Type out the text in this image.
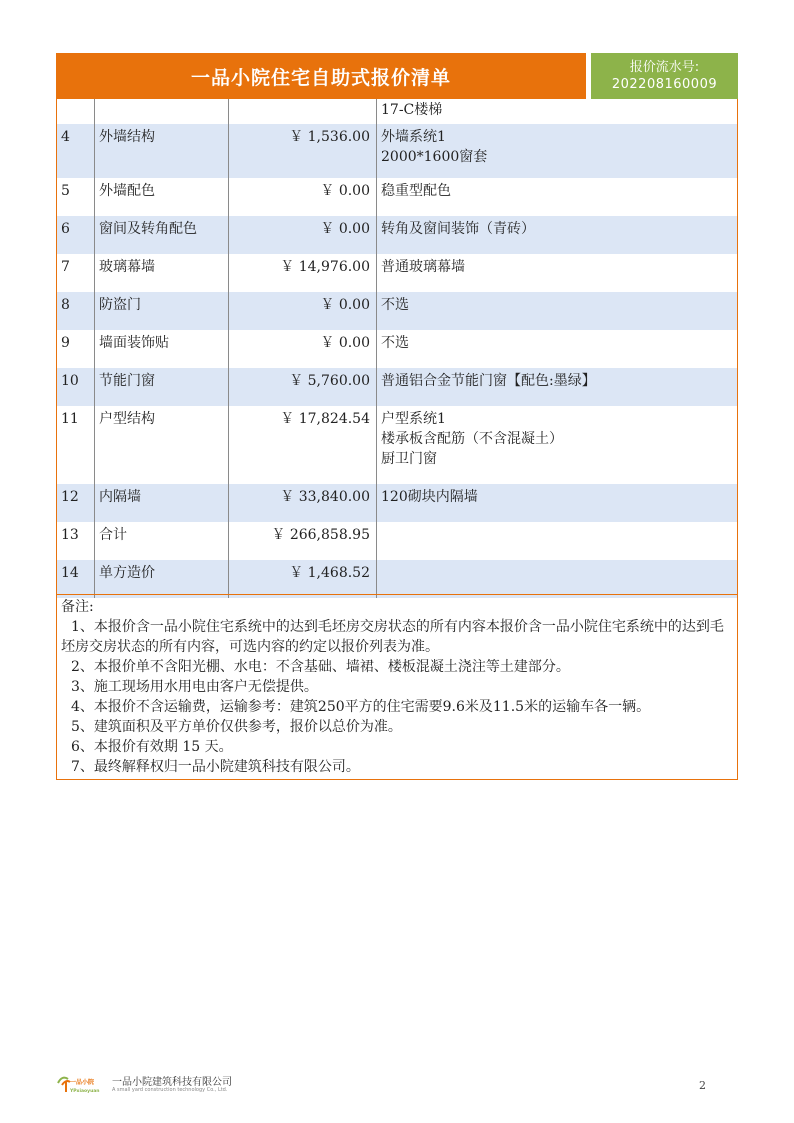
一品小院住宅自助式报价清单	报价流水号:
202208160009
17-C楼梯
4	外墙结构	￥ 1,536.00 外墙系统1
2000*1600窗套
5	外墙配色	￥ 0.00 稳重型配色
6	窗间及转角配色	￥ 0.00 转角及窗间装饰（青砖）
7	玻璃幕墙	￥ 14,976.00 普通玻璃幕墙
8	防盗门	￥ 0.00 不选
9	墙面装饰贴	￥ 0.00 不选
10	节能门窗	￥ 5,760.00 普通铝合金节能门窗【配色:墨绿】
11	户型结构	￥ 17,824.54 户型系统1
楼承板含配筋（不含混凝土）
厨卫门窗
12	内隔墙	￥ 33,840.00 120砌块内隔墙
13	合计	￥ 266,858.95
14	单方造价	￥ 1,468.52
备注:
1、本报价含一品小院住宅系统中的达到毛坯房交房状态的所有内容本报价含一品小院住宅系统中的达到毛坯房交房状态的所有内容，可选内容的约定以报价列表为准。
2、本报价单不含阳光棚、水电：不含基础、墙裙、楼板混凝土浇注等土建部分。
3、施工现场用水用电由客户无偿提供。
4、本报价不含运输费，运输参考：建筑250平方的住宅需要9.6米及11.5米的运输车各一辆。
5、建筑面积及平方单价仅供参考，报价以总价为准。
6、本报价有效期 15 天。
7、最终解释权归一品小院建筑科技有限公司。
一品小院
YPxiaoyuan
一品小院建筑科技有限公司
A small yard construction technology Co., Ltd.	2
